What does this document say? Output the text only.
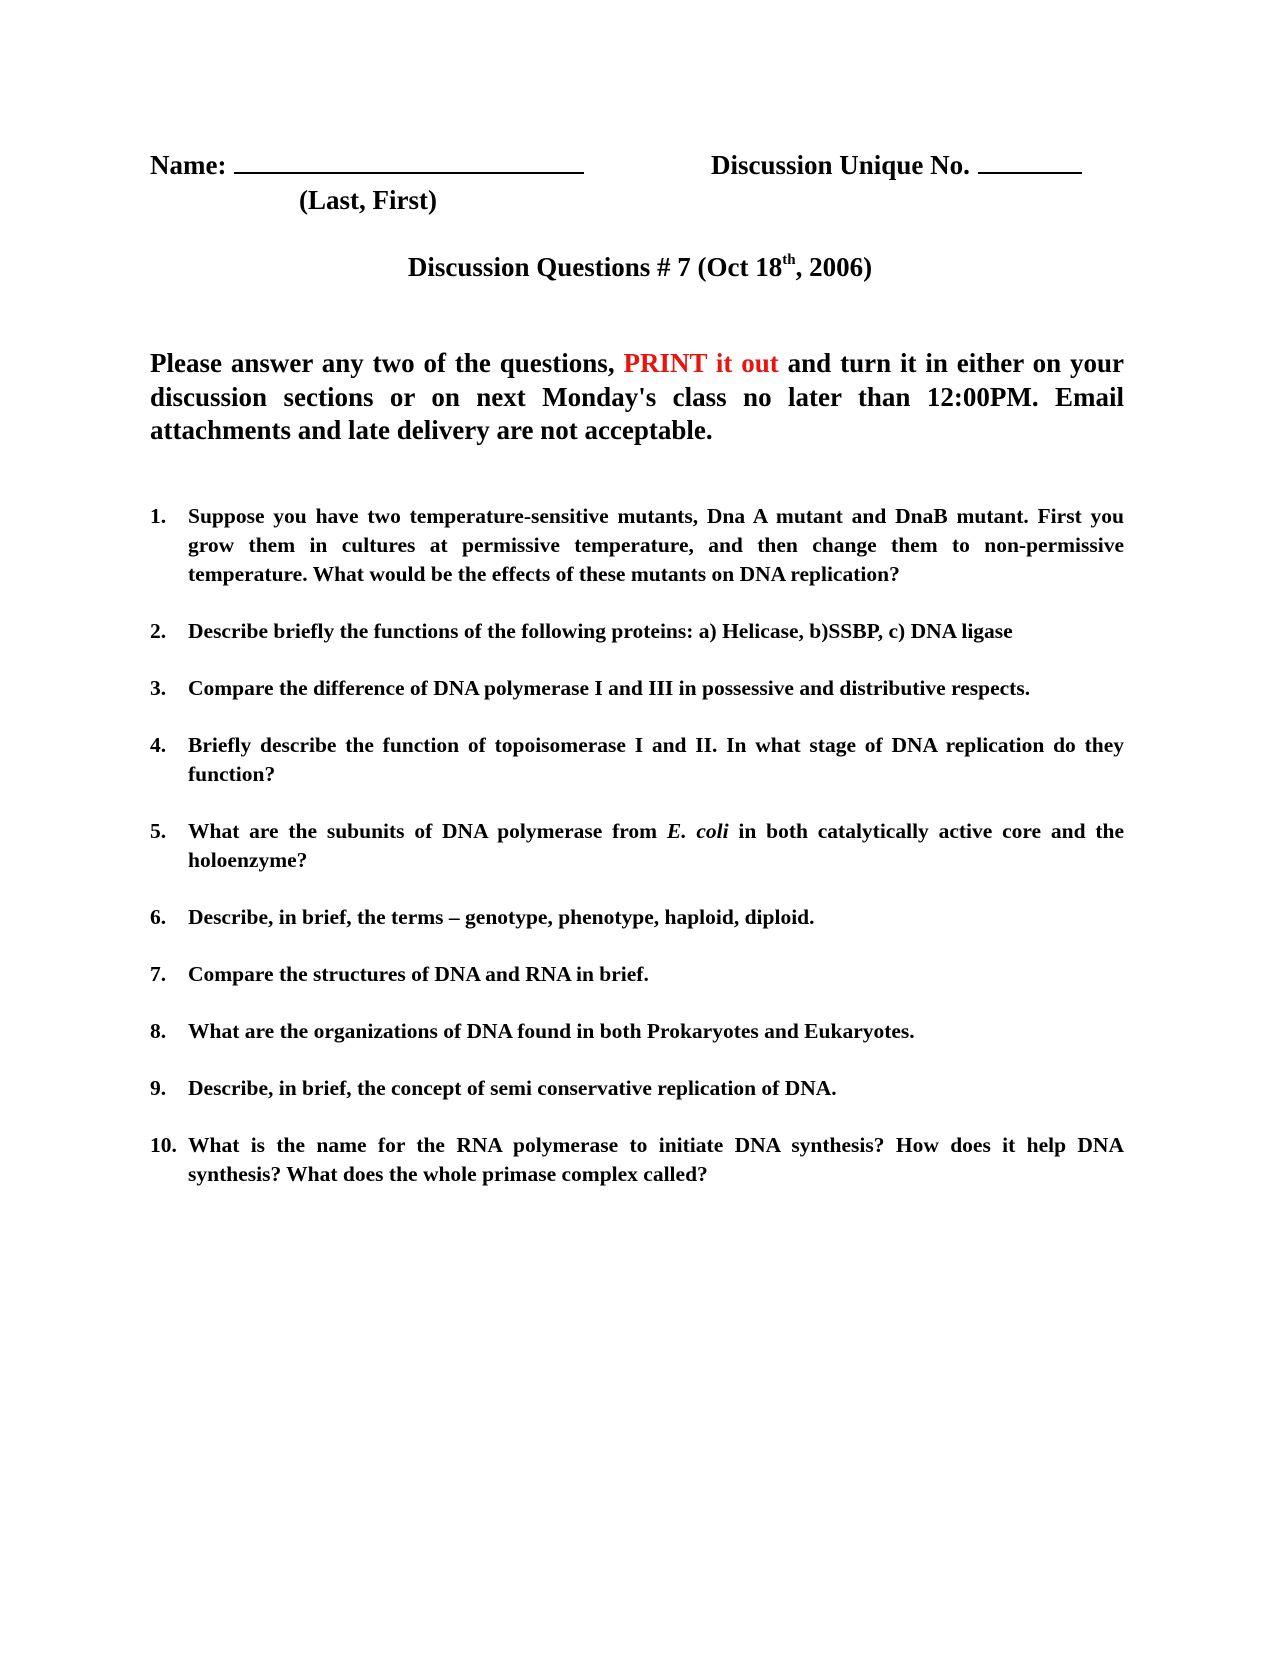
Name:	Discussion Unique No.
(Last, First)
Discussion Questions # 7 (Oct 18th, 2006)
Please answer any two of the questions, PRINT it out and turn it in either on your discussion sections or on next Monday's class no later than 12:00PM. Email attachments and late delivery are not acceptable.
1. Suppose you have two temperature-sensitive mutants, Dna A mutant and DnaB mutant. First you grow them in cultures at permissive temperature, and then change them to non-permissive temperature. What would be the effects of these mutants on DNA replication?
2. Describe briefly the functions of the following proteins: a) Helicase, b)SSBP, c) DNA ligase
3. Compare the difference of DNA polymerase I and III in possessive and distributive respects.
4. Briefly describe the function of topoisomerase I and II. In what stage of DNA replication do they function?
5. What are the subunits of DNA polymerase from E. coli in both catalytically active core and the holoenzyme?
6. Describe, in brief, the terms – genotype, phenotype, haploid, diploid.
7. Compare the structures of DNA and RNA in brief.
8. What are the organizations of DNA found in both Prokaryotes and Eukaryotes.
9. Describe, in brief, the concept of semi conservative replication of DNA.
10. What is the name for the RNA polymerase to initiate DNA synthesis? How does it help DNA synthesis? What does the whole primase complex called?
